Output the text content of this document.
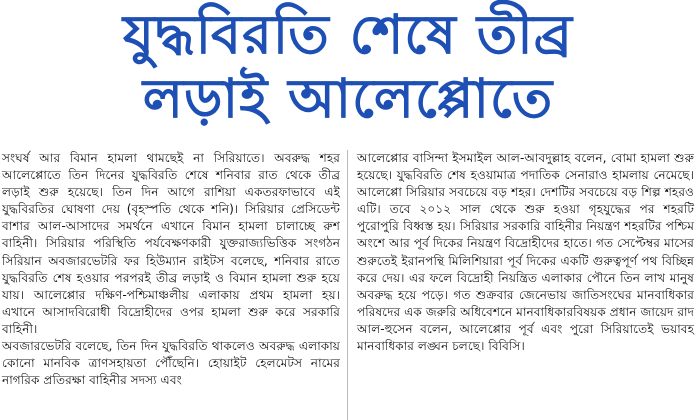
যুদ্ধবিরতি শেষে তীব্র
লড়াই আলেপ্পোতে

সংঘর্ষ আর বিমান হামলা থামছেই না সিরিয়াতে। অবরুদ্ধ শহর আলেপ্পোতে তিন দিনের যুদ্ধবিরতি শেষে শনিবার রাত থেকে তীব্র লড়াই শুরু হয়েছে। তিন দিন আগে রাশিয়া একতরফাভাবে এই যুদ্ধবিরতির ঘোষণা দেয় (বৃহস্পতি থেকে শনি)। সিরিয়ার প্রেসিডেন্ট বাশার আল-আসাদের সমর্থনে এখানে বিমান হামলা চালাচ্ছে রুশ বাহিনী। সিরিয়ার পরিস্থিতি পর্যবেক্ষণকারী যুক্তরাজ্যভিত্তিক সংগঠন সিরিয়ান অবজারভেটরি ফর হিউম্যান রাইটস বলেছে, শনিবার রাতে যুদ্ধবিরতি শেষ হওয়ার পরপরই তীব্র লড়াই ও বিমান হামলা শুরু হয়ে যায়। আলেপ্পোর দক্ষিণ-পশ্চিমাঞ্চলীয় এলাকায় প্রথম হামলা হয়। এখানে আসাদবিরোধী বিদ্রোহীদের ওপর হামলা শুরু করে সরকারি বাহিনী।

অবজারভেটরি বলেছে, তিন দিন যুদ্ধবিরতি থাকলেও অবরুদ্ধ এলাকায় কোনো মানবিক ত্রাণসহায়তা পৌঁছেনি। হোয়াইট হেলমেটস নামের নাগরিক প্রতিরক্ষা বাহিনীর সদস্য এবং

আলেপ্পোর বাসিন্দা ইসমাইল আল-আবদুল্লাহ বলেন, বোমা হামলা শুরু হয়েছে। যুদ্ধবিরতি শেষ হওয়ামাত্র পদাতিক সেনারাও হামলায় নেমেছে। আলেপ্পো সিরিয়ার সবচেয়ে বড় শহর। দেশটির সবচেয়ে বড় শিল্প শহরও এটি। তবে ২০১২ সাল থেকে শুরু হওয়া গৃহযুদ্ধের পর শহরটি পুরোপুরি বিধ্বস্ত হয়। সিরিয়ার সরকারি বাহিনীর নিয়ন্ত্রণ শহরটির পশ্চিম অংশে আর পূর্ব দিকের নিয়ন্ত্রণ বিদ্রোহীদের হাতে। গত সেপ্টেম্বর মাসের শুরুতেই ইরানপন্থি মিলিশিয়ারা পূর্ব দিকের একটি গুরুত্বপূর্ণ পথ বিচ্ছিন্ন করে দেয়। এর ফলে বিদ্রোহী নিয়ন্ত্রিত এলাকার পৌনে তিন লাখ মানুষ অবরুদ্ধ হয়ে পড়ে। গত শুক্রবার জেনেভায় জাতিসংঘের মানবাধিকার পরিষদের এক জরুরি অধিবেশনে মানবাধিকারবিষয়ক প্রধান জায়েদ রাদ আল-হুসেন বলেন, আলেপ্পোর পূর্ব এবং পুরো সিরিয়াতেই ভয়াবহ মানবাধিকার লঙ্ঘন চলছে। বিবিসি।
